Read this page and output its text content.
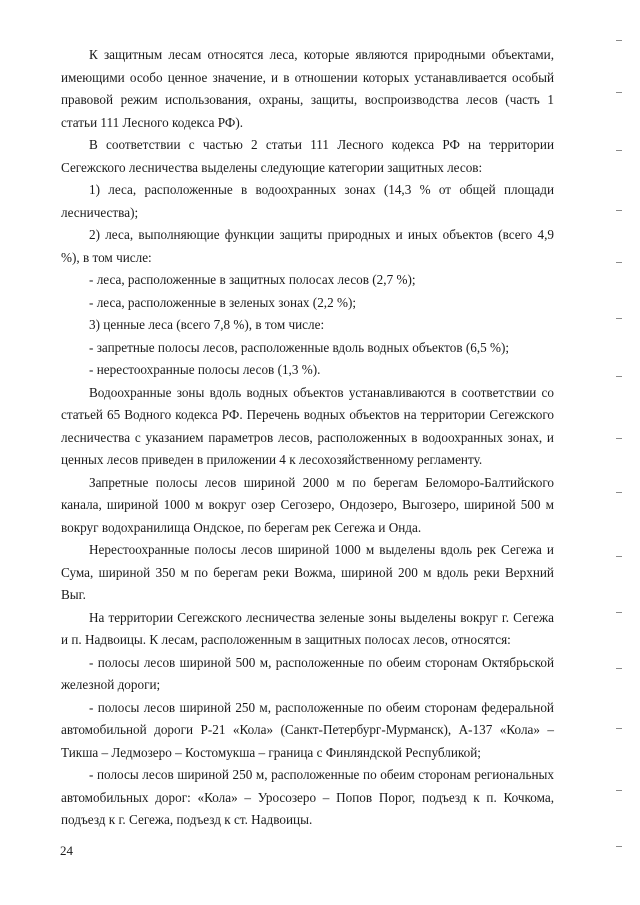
К защитным лесам относятся леса, которые являются природными объектами, имеющими особо ценное значение, и в отношении которых устанавливается особый правовой режим использования, охраны, защиты, воспроизводства лесов (часть 1 статьи 111 Лесного кодекса РФ).

В соответствии с частью 2 статьи 111 Лесного кодекса РФ на территории Сегежского лесничества выделены следующие категории защитных лесов:

1) леса, расположенные в водоохранных зонах (14,3 % от общей площади лесничества);

2) леса, выполняющие функции защиты природных и иных объектов (всего 4,9 %), в том числе:

- леса, расположенные в защитных полосах лесов (2,7 %);

- леса, расположенные в зеленых зонах (2,2 %);

3) ценные леса (всего 7,8 %), в том числе:

- запретные полосы лесов, расположенные вдоль водных объектов (6,5 %);

- нерестоохранные полосы лесов (1,3 %).

Водоохранные зоны вдоль водных объектов устанавливаются в соответствии со статьей 65 Водного кодекса РФ. Перечень водных объектов на территории Сегежского лесничества с указанием параметров лесов, расположенных в водоохранных зонах, и ценных лесов приведен в приложении 4 к лесохозяйственному регламенту.

Запретные полосы лесов шириной 2000 м по берегам Беломоро-Балтийского канала, шириной 1000 м вокруг озер Сегозеро, Ондозеро, Выгозеро, шириной 500 м вокруг водохранилища Ондское, по берегам рек Сегежа и Онда.

Нерестоохранные полосы лесов шириной 1000 м выделены вдоль рек Сегежа и Сума, шириной 350 м по берегам реки Вожма, шириной 200 м вдоль реки Верхний Выг.

На территории Сегежского лесничества зеленые зоны выделены вокруг г. Сегежа и п. Надвоицы. К лесам, расположенным в защитных полосах лесов, относятся:

- полосы лесов шириной 500 м, расположенные по обеим сторонам Октябрьской железной дороги;

- полосы лесов шириной 250 м, расположенные по обеим сторонам федеральной автомобильной дороги Р-21 «Кола» (Санкт-Петербург-Мурманск), А-137 «Кола» – Тикша – Ледмозеро – Костомукша – граница с Финляндской Республикой;

- полосы лесов шириной 250 м, расположенные по обеим сторонам региональных автомобильных дорог: «Кола» – Уросозеро – Попов Порог, подъезд к п. Кочкома, подъезд к г. Сегежа, подъезд к ст. Надвоицы.

24
